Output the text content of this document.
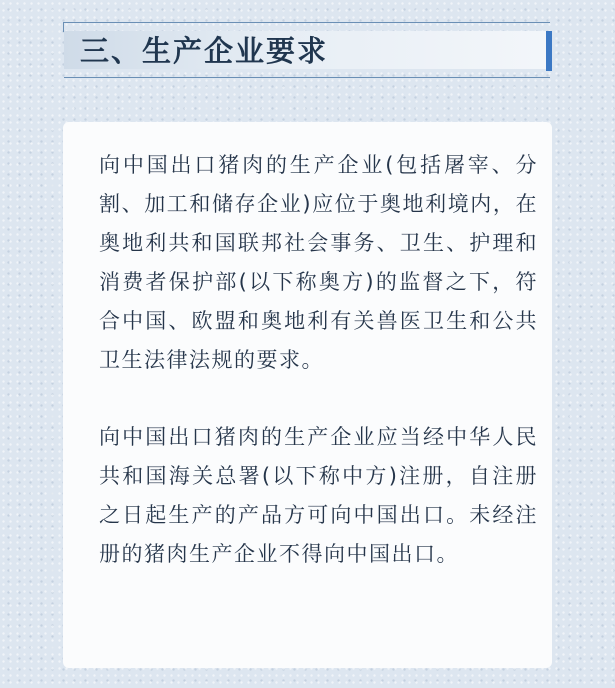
三、生产企业要求

向中国出口猪肉的生产企业(包括屠宰、分割、加工和储存企业)应位于奥地利境内，在奥地利共和国联邦社会事务、卫生、护理和消费者保护部(以下称奥方)的监督之下，符合中国、欧盟和奥地利有关兽医卫生和公共卫生法律法规的要求。

向中国出口猪肉的生产企业应当经中华人民共和国海关总署(以下称中方)注册，自注册之日起生产的产品方可向中国出口。未经注册的猪肉生产企业不得向中国出口。
